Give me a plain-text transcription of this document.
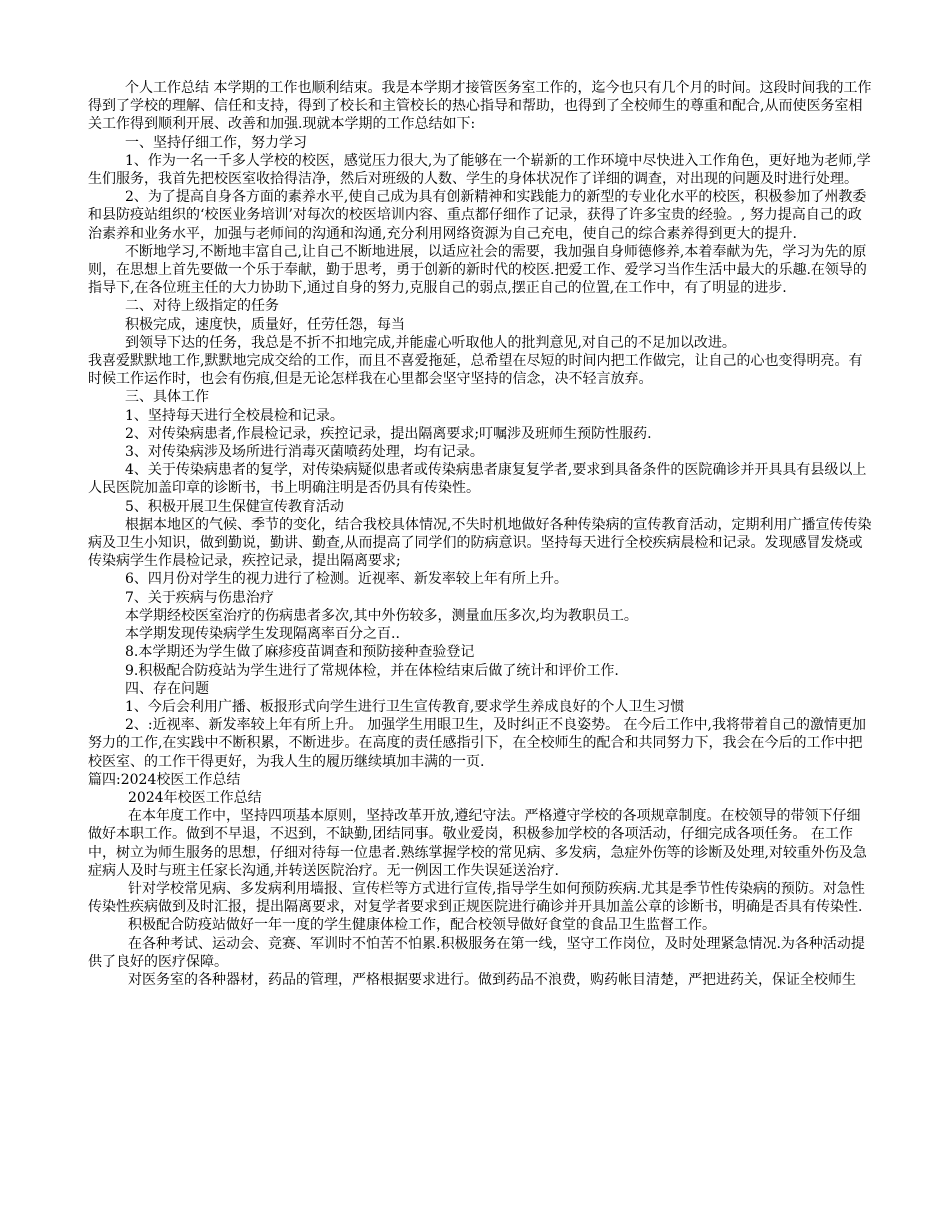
个人工作总结 本学期的工作也顺利结束。我是本学期才接管医务室工作的，迄今也只有几个月的时间。这段时间我的工作得到了学校的理解、信任和支持，得到了校长和主管校长的热心指导和帮助，也得到了全校师生的尊重和配合,从而使医务室相关工作得到顺利开展、改善和加强.现就本学期的工作总结如下:

一、坚持仔细工作，努力学习

1、作为一名一千多人学校的校医，感觉压力很大,为了能够在一个崭新的工作环境中尽快进入工作角色，更好地为老师,学生们服务，我首先把校医室收拾得洁净，然后对班级的人数、学生的身体状况作了详细的调查，对出现的问题及时进行处理。

2、为了提高自身各方面的素养水平,使自己成为具有创新精神和实践能力的新型的专业化水平的校医，积极参加了州教委和县防疫站组织的‘校医业务培训’对每次的校医培训内容、重点都仔细作了记录，获得了许多宝贵的经验。, 努力提高自己的政治素养和业务水平，加强与老师间的沟通和沟通,充分利用网络资源为自己充电，使自己的综合素养得到更大的提升.

不断地学习,不断地丰富自己,让自己不断地进展，以适应社会的需要，我加强自身师德修养,本着奉献为先，学习为先的原则，在思想上首先要做一个乐于奉献，勤于思考，勇于创新的新时代的校医.把爱工作、爱学习当作生活中最大的乐趣.在领导的指导下,在各位班主任的大力协助下,通过自身的努力,克服自己的弱点,摆正自己的位置,在工作中，有了明显的进步.

二、对待上级指定的任务

积极完成，速度快，质量好，任劳任怨，每当

到领导下达的任务，我总是不折不扣地完成,并能虚心听取他人的批判意见,对自己的不足加以改进。

我喜爱默默地工作,默默地完成交给的工作，而且不喜爱拖延，总希望在尽短的时间内把工作做完，让自己的心也变得明亮。有时候工作运作时，也会有伤痕,但是无论怎样我在心里都会坚守坚持的信念，决不轻言放弃。

三、具体工作

1、坚持每天进行全校晨检和记录。

2、对传染病患者,作晨检记录，疾控记录，提出隔离要求;叮嘱涉及班师生预防性服药.

3、对传染病涉及场所进行消毒灭菌喷药处理，均有记录。

4、关于传染病患者的复学，对传染病疑似患者或传染病患者康复复学者,要求到具备条件的医院确诊并开具具有县级以上人民医院加盖印章的诊断书，书上明确注明是否仍具有传染性。

5、积极开展卫生保健宣传教育活动

根据本地区的气候、季节的变化，结合我校具体情况,不失时机地做好各种传染病的宣传教育活动，定期利用广播宣传传染病及卫生小知识，做到勤说，勤讲、勤查,从而提高了同学们的防病意识。坚持每天进行全校疾病晨检和记录。发现感冒发烧或传染病学生作晨检记录，疾控记录，提出隔离要求;

6、四月份对学生的视力进行了检测。近视率、新发率较上年有所上升。

7、关于疾病与伤患治疗

本学期经校医室治疗的伤病患者多次,其中外伤较多，测量血压多次,均为教职员工。

本学期发现传染病学生发现隔离率百分之百..

8.本学期还为学生做了麻疹疫苗调查和预防接种查验登记

9.积极配合防疫站为学生进行了常规体检，并在体检结束后做了统计和评价工作.

四、存在问题

1、今后会利用广播、板报形式向学生进行卫生宣传教育,要求学生养成良好的个人卫生习惯

2、:近视率、新发率较上年有所上升。 加强学生用眼卫生，及时纠正不良姿势。 在今后工作中,我将带着自己的激情更加努力的工作,在实践中不断积累，不断进步。在高度的责任感指引下，在全校师生的配合和共同努力下，我会在今后的工作中把校医室、的工作干得更好，为我人生的履历继续填加丰满的一页.

篇四:2024校医工作总结

2024年校医工作总结

在本年度工作中，坚持四项基本原则，坚持改革开放,遵纪守法。严格遵守学校的各项规章制度。在校领导的带领下仔细做好本职工作。做到不早退，不迟到，不缺勤,团结同事。敬业爱岗，积极参加学校的各项活动，仔细完成各项任务。 在工作中，树立为师生服务的思想，仔细对待每一位患者.熟练掌握学校的常见病、多发病，急症外伤等的诊断及处理,对较重外伤及急症病人及时与班主任家长沟通,并转送医院治疗。无一例因工作失误延送治疗.

针对学校常见病、多发病利用墙报、宣传栏等方式进行宣传,指导学生如何预防疾病.尤其是季节性传染病的预防。对急性传染性疾病做到及时汇报，提出隔离要求，对复学者要求到正规医院进行确诊并开具加盖公章的诊断书，明确是否具有传染性.

积极配合防疫站做好一年一度的学生健康体检工作，配合校领导做好食堂的食品卫生监督工作。

在各种考试、运动会、竞赛、军训时不怕苦不怕累.积极服务在第一线，坚守工作岗位，及时处理紧急情况.为各种活动提供了良好的医疗保障。

对医务室的各种器材，药品的管理，严格根据要求进行。做到药品不浪费，购药帐目清楚，严把进药关，保证全校师生
